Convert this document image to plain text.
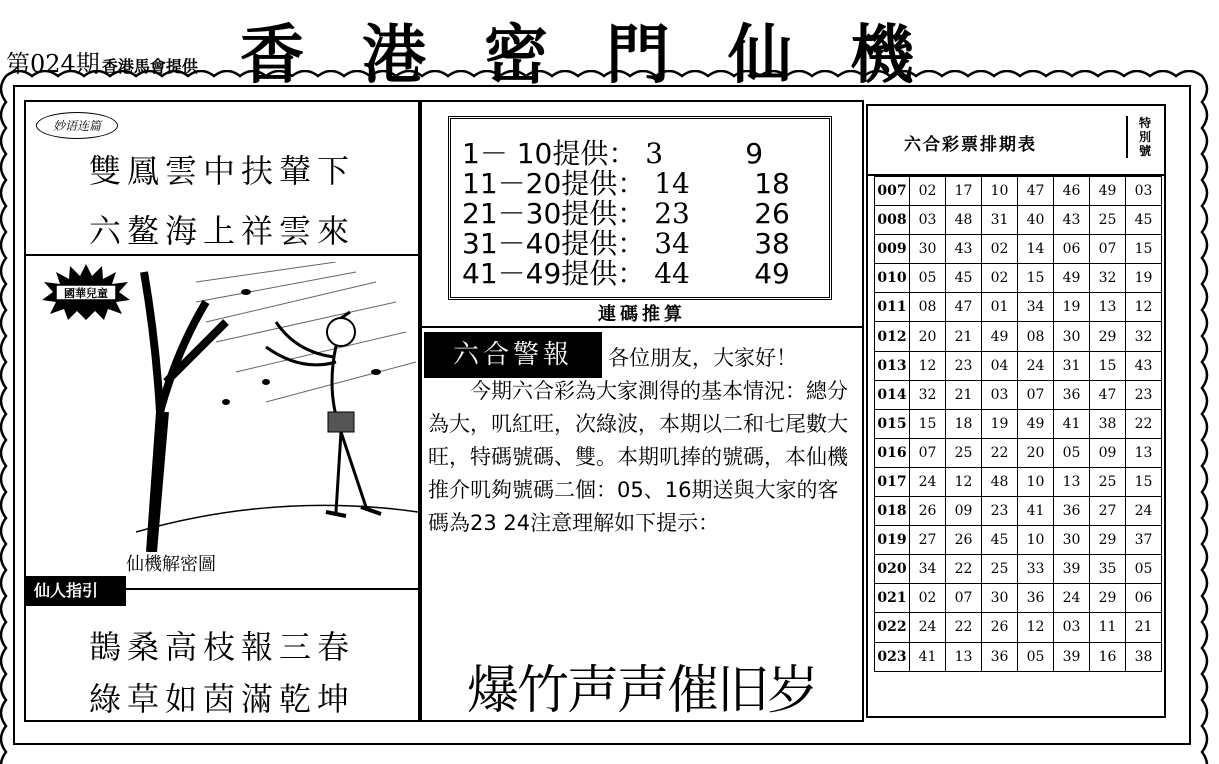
第024期 香港馬會提供 香港密門仙機
妙语连篇
雙鳳雲中扶輦下
六鳌海上祥雲來
國華兒童
仙機解密圖
仙人指引
鵲桑高枝報三春
綠草如茵滿乾坤
1－ 10提供： 3	9
11－20提供： 14 18
21－30提供： 23 26
31－40提供： 34 38
41－49提供： 44 49
連碼推算
六合警報	各位朋友，大家好！
　　今期六合彩為大家測得的基本情況：總分為大，叽紅旺，次綠波，本期以二和七尾數大旺，特碼號碼、雙。本期叽捧的號碼，本仙機推介叽夠號碼二個：05、16期送與大家的客碼為23 24注意理解如下提示：
爆竹声声催旧岁
六合彩票排期表
特別號
007	02	17	10	47	46	49	03
008	03	48	31	40	43	25	45
009	30	43	02	14	06	07	15
010	05	45	02	15	49	32	19
011	08	47	01	34	19	13	12
012	20	21	49	08	30	29	32
013	12	23	04	24	31	15	43
014	32	21	03	07	36	47	23
015	15	18	19	49	41	38	22
016	07	25	22	20	05	09	13
017	24	12	48	10	13	25	15
018	26	09	23	41	36	27	24
019	27	26	45	10	30	29	37
020	34	22	25	33	39	35	05
021	02	07	30	36	24	29	06
022	24	22	26	12	03	11	21
023	41	13	36	05	39	16	38
